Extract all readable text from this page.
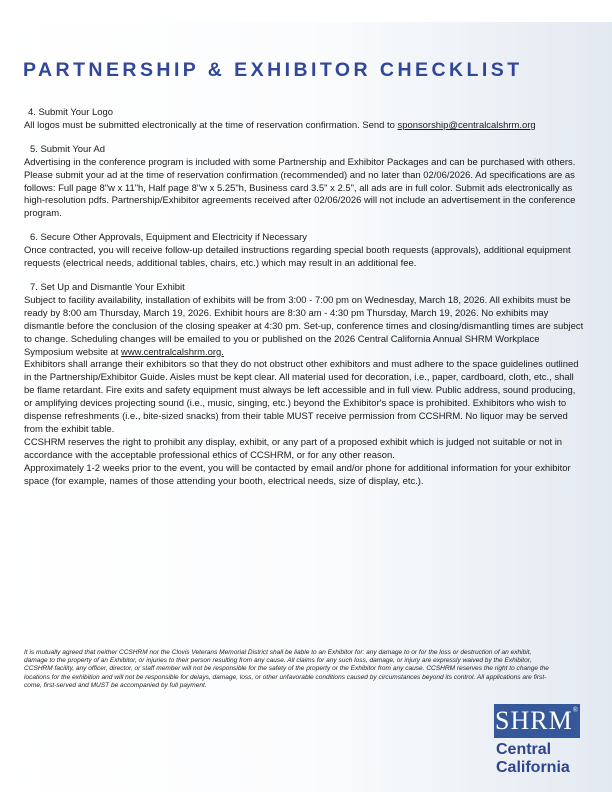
PARTNERSHIP & EXHIBITOR CHECKLIST
4. Submit Your Logo

All logos must be submitted electronically at the time of reservation confirmation. Send to sponsorship@centralcalshrm.org

5. Submit Your Ad

Advertising in the conference program is included with some Partnership and Exhibitor Packages and can be purchased with others. Please submit your ad at the time of reservation confirmation (recommended) and no later than 02/06/2026. Ad specifications are as follows: Full page 8"w x 11"h, Half page 8"w x 5.25"h, Business card 3.5" x 2.5", all ads are in full color. Submit ads electronically as high-resolution pdfs. Partnership/Exhibitor agreements received after 02/06/2026 will not include an advertisement in the conference program.

6. Secure Other Approvals, Equipment and Electricity if Necessary

Once contracted, you will receive follow-up detailed instructions regarding special booth requests (approvals), additional equipment requests (electrical needs, additional tables, chairs, etc.) which may result in an additional fee.

7. Set Up and Dismantle Your Exhibit

Subject to facility availability, installation of exhibits will be from 3:00 - 7:00 pm on Wednesday, March 18, 2026. All exhibits must be ready by 8:00 am Thursday, March 19, 2026. Exhibit hours are 8:30 am - 4:30 pm Thursday, March 19, 2026. No exhibits may dismantle before the conclusion of the closing speaker at 4:30 pm. Set-up, conference times and closing/dismantling times are subject to change. Scheduling changes will be emailed to you or published on the 2026 Central California Annual SHRM Workplace Symposium website at www.centralcalshrm.org.

Exhibitors shall arrange their exhibitors so that they do not obstruct other exhibitors and must adhere to the space guidelines outlined in the Partnership/Exhibitor Guide. Aisles must be kept clear. All material used for decoration, i.e., paper, cardboard, cloth, etc., shall be flame retardant. Fire exits and safety equipment must always be left accessible and in full view. Public address, sound producing, or amplifying devices projecting sound (i.e., music, singing, etc.) beyond the Exhibitor's space is prohibited. Exhibitors who wish to dispense refreshments (i.e., bite-sized snacks) from their table MUST receive permission from CCSHRM. No liquor may be served from the exhibit table.

CCSHRM reserves the right to prohibit any display, exhibit, or any part of a proposed exhibit which is judged not suitable or not in accordance with the acceptable professional ethics of CCSHRM, or for any other reason.

Approximately 1-2 weeks prior to the event, you will be contacted by email and/or phone for additional information for your exhibitor space (for example, names of those attending your booth, electrical needs, size of display, etc.).

It is mutually agreed that neither CCSHRM nor the Clovis Veterans Memorial District shall be liable to an Exhibitor for: any damage to or for the loss or destruction of an exhibit, damage to the property of an Exhibitor, or injuries to their person resulting from any cause. All claims for any such loss, damage, or injury are expressly waived by the Exhibitor, CCSHRM facility, any officer, director, or staff member will not be responsible for the safety of the property or the Exhibitor from any cause. CCSHRM reserves the right to change the locations for the exhibition and will not be responsible for delays, damage, loss, or other unfavorable conditions caused by circumstances beyond its control. All applications are first-come, first-served and MUST be accompanied by full payment.

SHRM®
Central
California
